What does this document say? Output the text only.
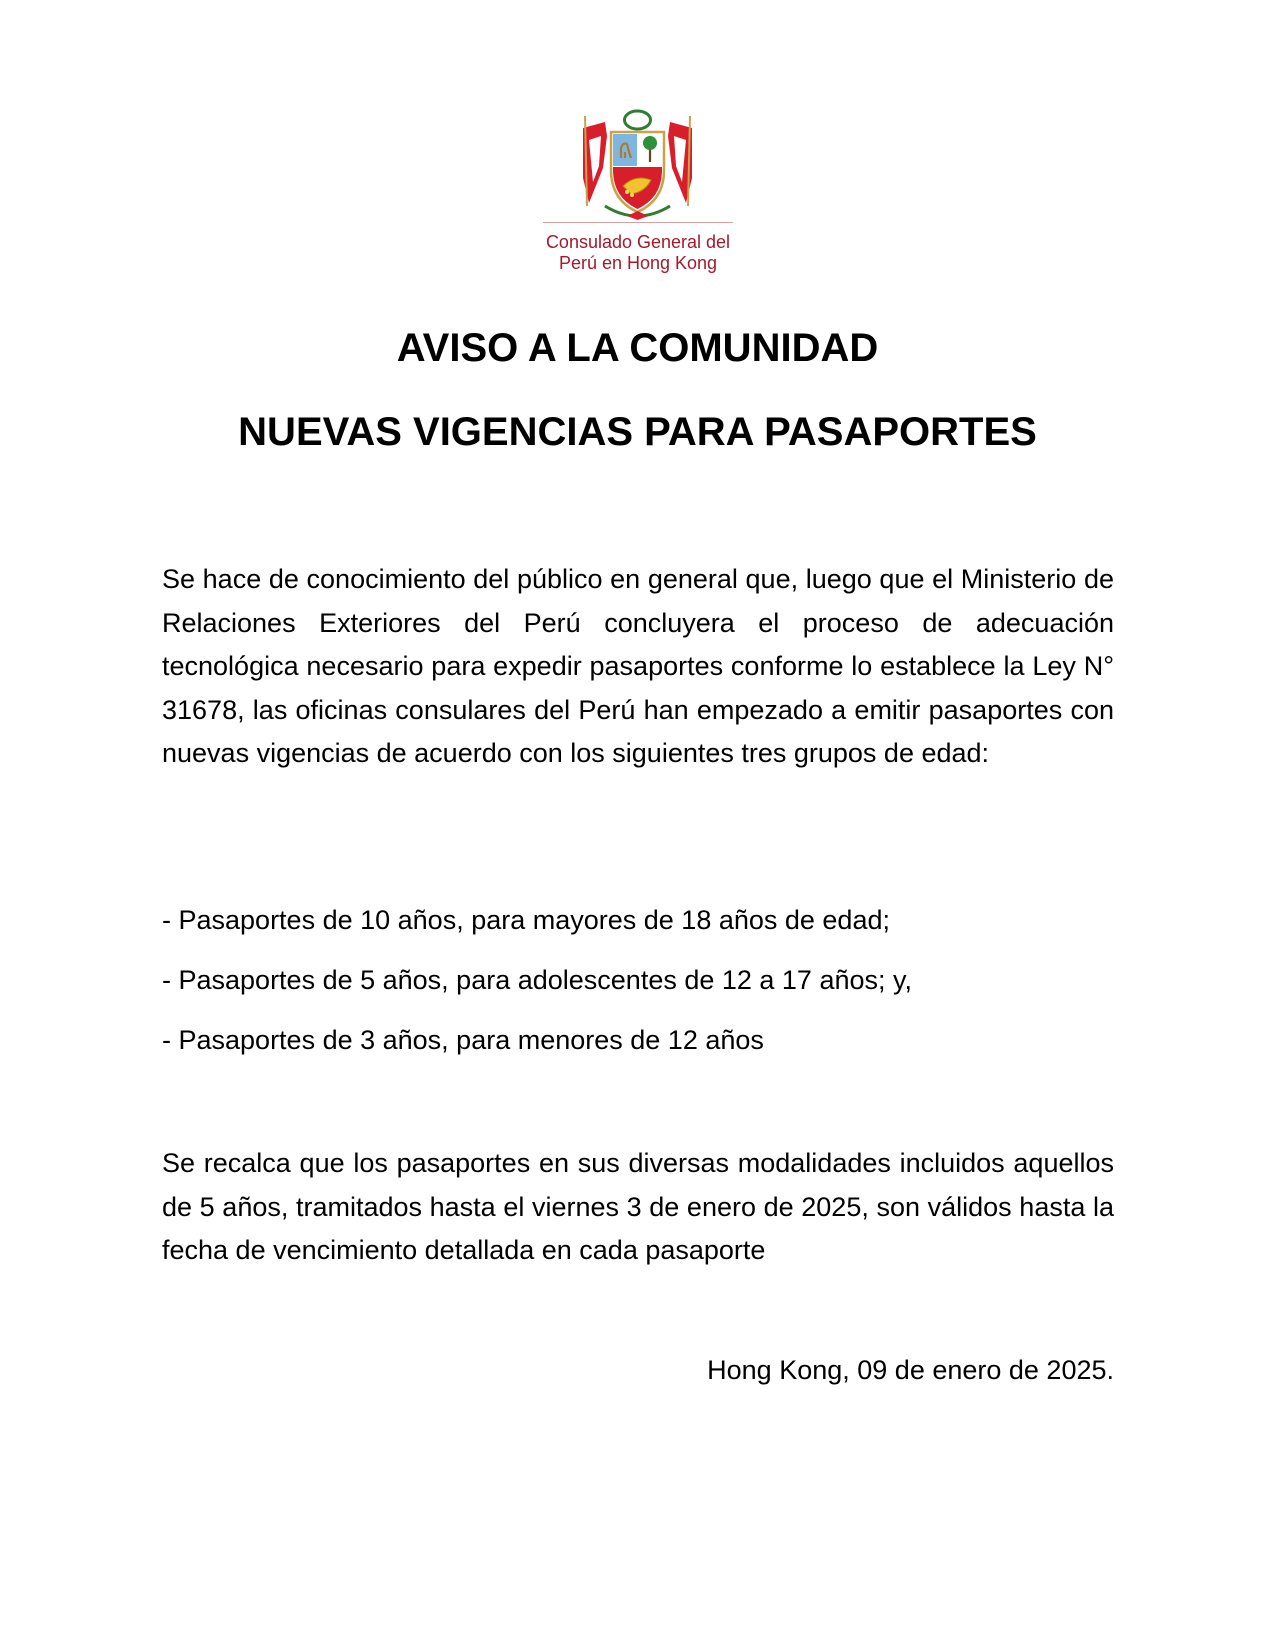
Consulado General del
Perú en Hong Kong
AVISO A LA COMUNIDAD
NUEVAS VIGENCIAS PARA PASAPORTES

Se hace de conocimiento del público en general que, luego que el Ministerio de Relaciones Exteriores del Perú concluyera el proceso de adecuación tecnológica necesario para expedir pasaportes conforme lo establece la Ley N° 31678, las oficinas consulares del Perú han empezado a emitir pasaportes con nuevas vigencias de acuerdo con los siguientes tres grupos de edad:

- Pasaportes de 10 años, para mayores de 18 años de edad;
- Pasaportes de 5 años, para adolescentes de 12 a 17 años; y,
- Pasaportes de 3 años, para menores de 12 años

Se recalca que los pasaportes en sus diversas modalidades incluidos aquellos de 5 años, tramitados hasta el viernes 3 de enero de 2025, son válidos hasta la fecha de vencimiento detallada en cada pasaporte

Hong Kong, 09 de enero de 2025.
